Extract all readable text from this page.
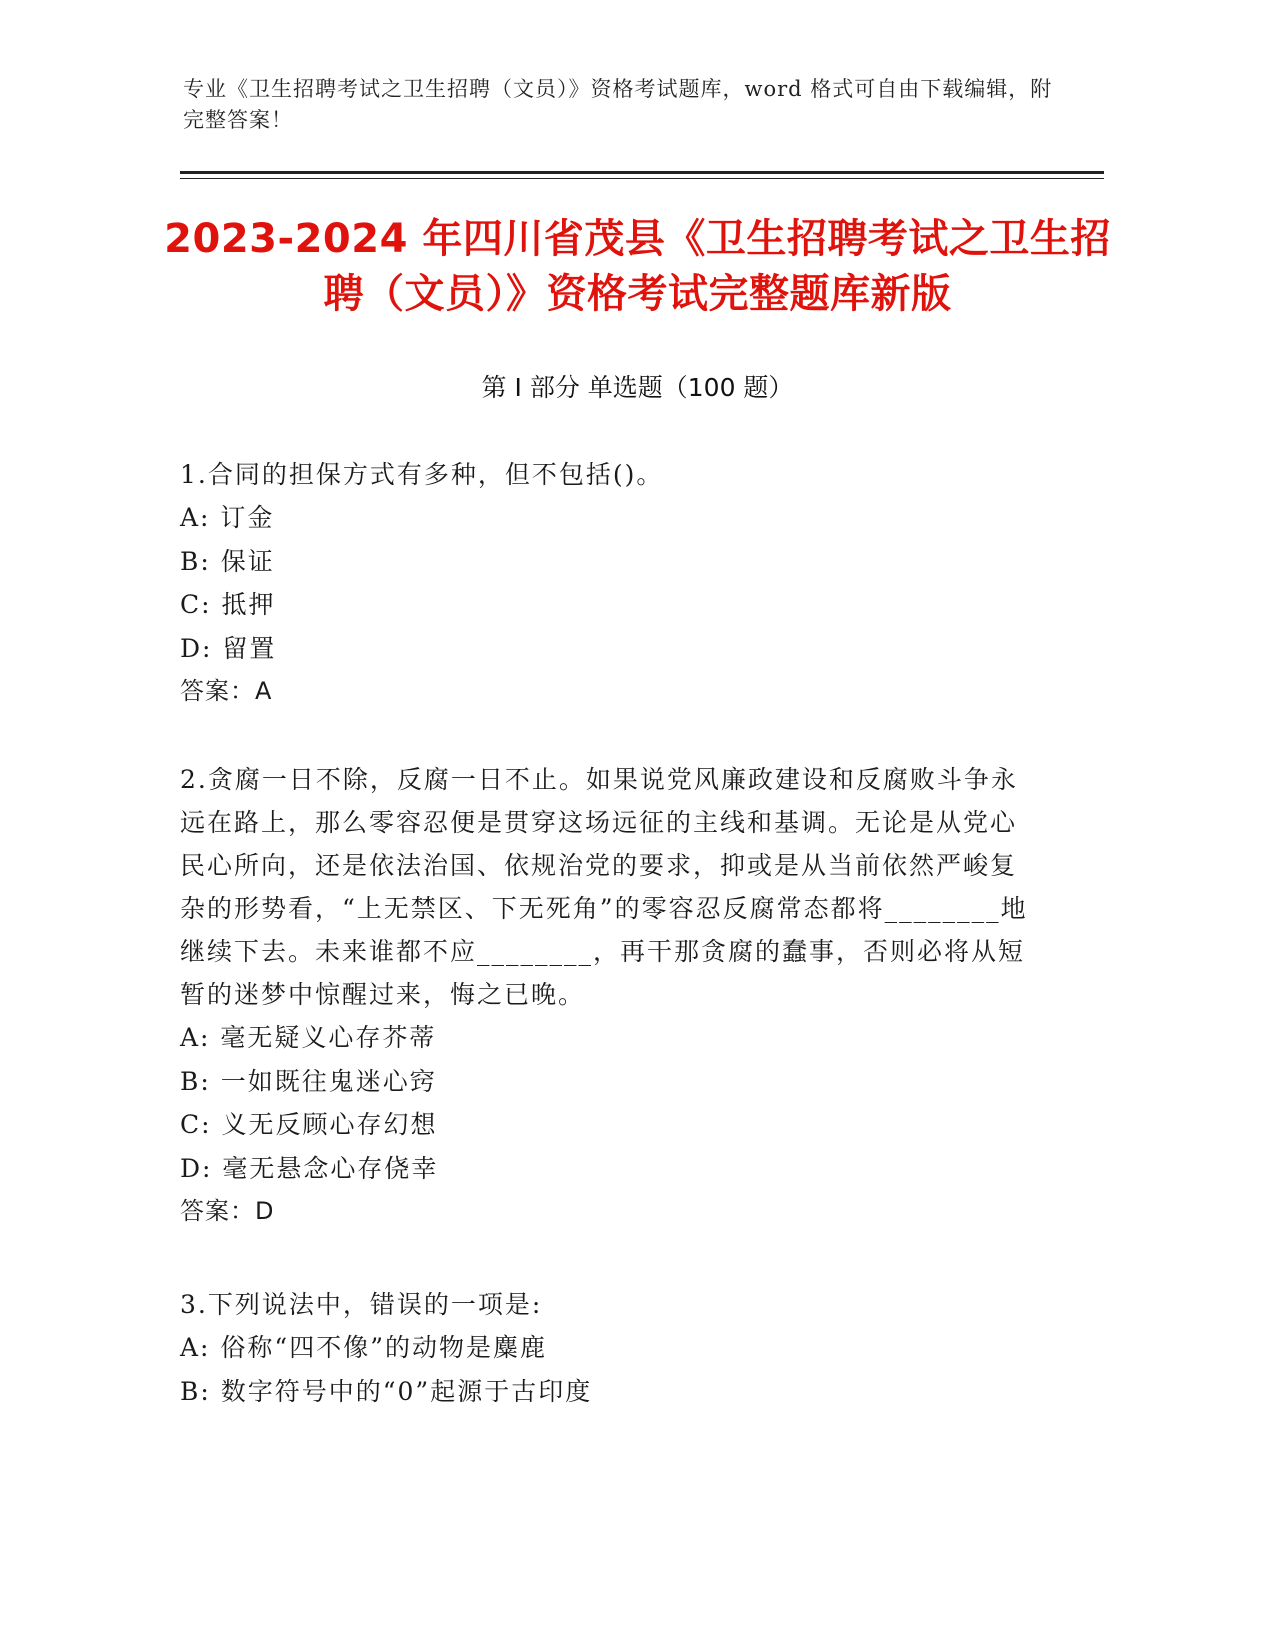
专业《卫生招聘考试之卫生招聘（文员）》资格考试题库，word 格式可自由下载编辑，附完整答案！
2023-2024 年四川省茂县《卫生招聘考试之卫生招聘（文员）》资格考试完整题库新版
第 I 部分 单选题（100 题）

1.合同的担保方式有多种，但不包括()。

A: 订金

B: 保证

C: 抵押

D: 留置

答案：A

2.贪腐一日不除，反腐一日不止。如果说党风廉政建设和反腐败斗争永远在路上，那么零容忍便是贯穿这场远征的主线和基调。无论是从党心民心所向，还是依法治国、依规治党的要求，抑或是从当前依然严峻复杂的形势看，“上无禁区、下无死角”的零容忍反腐常态都将________地继续下去。未来谁都不应________，再干那贪腐的蠢事，否则必将从短暂的迷梦中惊醒过来，悔之已晚。

A: 毫无疑义心存芥蒂

B: 一如既往鬼迷心窍

C: 义无反顾心存幻想

D: 毫无悬念心存侥幸

答案：D

3.下列说法中，错误的一项是:

A: 俗称“四不像”的动物是麋鹿

B: 数字符号中的“0”起源于古印度
